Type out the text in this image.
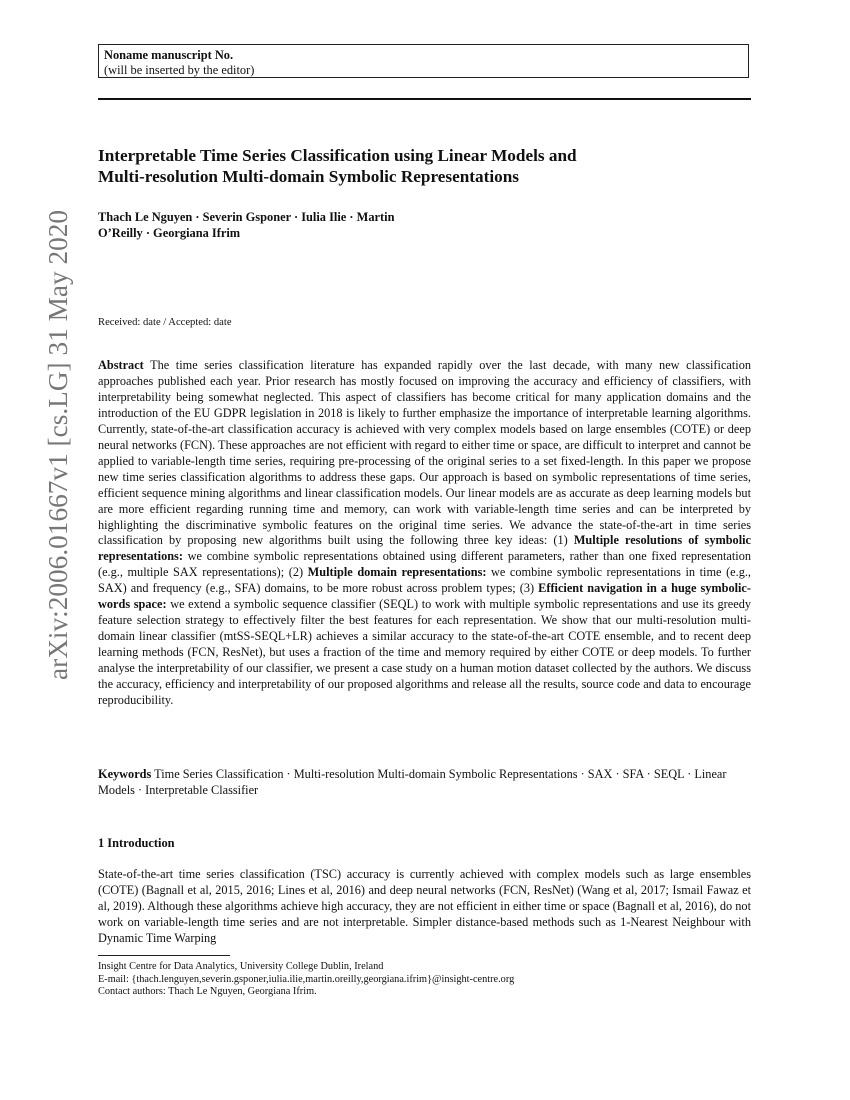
Noname manuscript No.
(will be inserted by the editor)
Interpretable Time Series Classification using Linear Models and
Multi-resolution Multi-domain Symbolic Representations
Thach Le Nguyen · Severin Gsponer · Iulia Ilie · Martin
O’Reilly · Georgiana Ifrim
Received: date / Accepted: date

Abstract The time series classification literature has expanded rapidly over the last decade, with many new classification approaches published each year. Prior research has mostly focused on improving the accuracy and efficiency of classifiers, with interpretability being somewhat neglected. This aspect of classifiers has become critical for many application domains and the introduction of the EU GDPR legislation in 2018 is likely to further emphasize the importance of interpretable learning algorithms. Currently, state-of-the-art classification accuracy is achieved with very complex models based on large ensembles (COTE) or deep neural networks (FCN). These approaches are not efficient with regard to either time or space, are difficult to interpret and cannot be applied to variable-length time series, requiring pre-processing of the original series to a set fixed-length. In this paper we propose new time series classification algorithms to address these gaps. Our approach is based on symbolic representations of time series, efficient sequence mining algorithms and linear classification models. Our linear models are as accurate as deep learning models but are more efficient regarding running time and memory, can work with variable-length time series and can be interpreted by highlighting the discriminative symbolic features on the original time series. We advance the state-of-the-art in time series classification by proposing new algorithms built using the following three key ideas: (1) Multiple resolutions of symbolic representations: we combine symbolic representations obtained using different parameters, rather than one fixed representation (e.g., multiple SAX representations); (2) Multiple domain representations: we combine symbolic representations in time (e.g., SAX) and frequency (e.g., SFA) domains, to be more robust across problem types; (3) Efficient navigation in a huge symbolic-words space: we extend a symbolic sequence classifier (SEQL) to work with multiple symbolic representations and use its greedy feature selection strategy to effectively filter the best features for each representation. We show that our multi-resolution multi-domain linear classifier (mtSS-SEQL+LR) achieves a similar accuracy to the state-of-the-art COTE ensemble, and to recent deep learning methods (FCN, ResNet), but uses a fraction of the time and memory required by either COTE or deep models. To further analyse the interpretability of our classifier, we present a case study on a human motion dataset collected by the authors. We discuss the accuracy, efficiency and interpretability of our proposed algorithms and release all the results, source code and data to encourage reproducibility.

Keywords Time Series Classification · Multi-resolution Multi-domain Symbolic Representations · SAX · SFA · SEQL · Linear Models · Interpretable Classifier

1 Introduction

State-of-the-art time series classification (TSC) accuracy is currently achieved with complex models such as large ensembles (COTE) (Bagnall et al, 2015, 2016; Lines et al, 2016) and deep neural networks (FCN, ResNet) (Wang et al, 2017; Ismail Fawaz et al, 2019). Although these algorithms achieve high accuracy, they are not efficient in either time or space (Bagnall et al, 2016), do not work on variable-length time series and are not interpretable. Simpler distance-based methods such as 1-Nearest Neighbour with Dynamic Time Warping

Insight Centre for Data Analytics, University College Dublin, Ireland
E-mail: {thach.lenguyen,severin.gsponer,iulia.ilie,martin.oreilly,georgiana.ifrim}@insight-centre.org
Contact authors: Thach Le Nguyen, Georgiana Ifrim.
arXiv:2006.01667v1 [cs.LG] 31 May 2020
